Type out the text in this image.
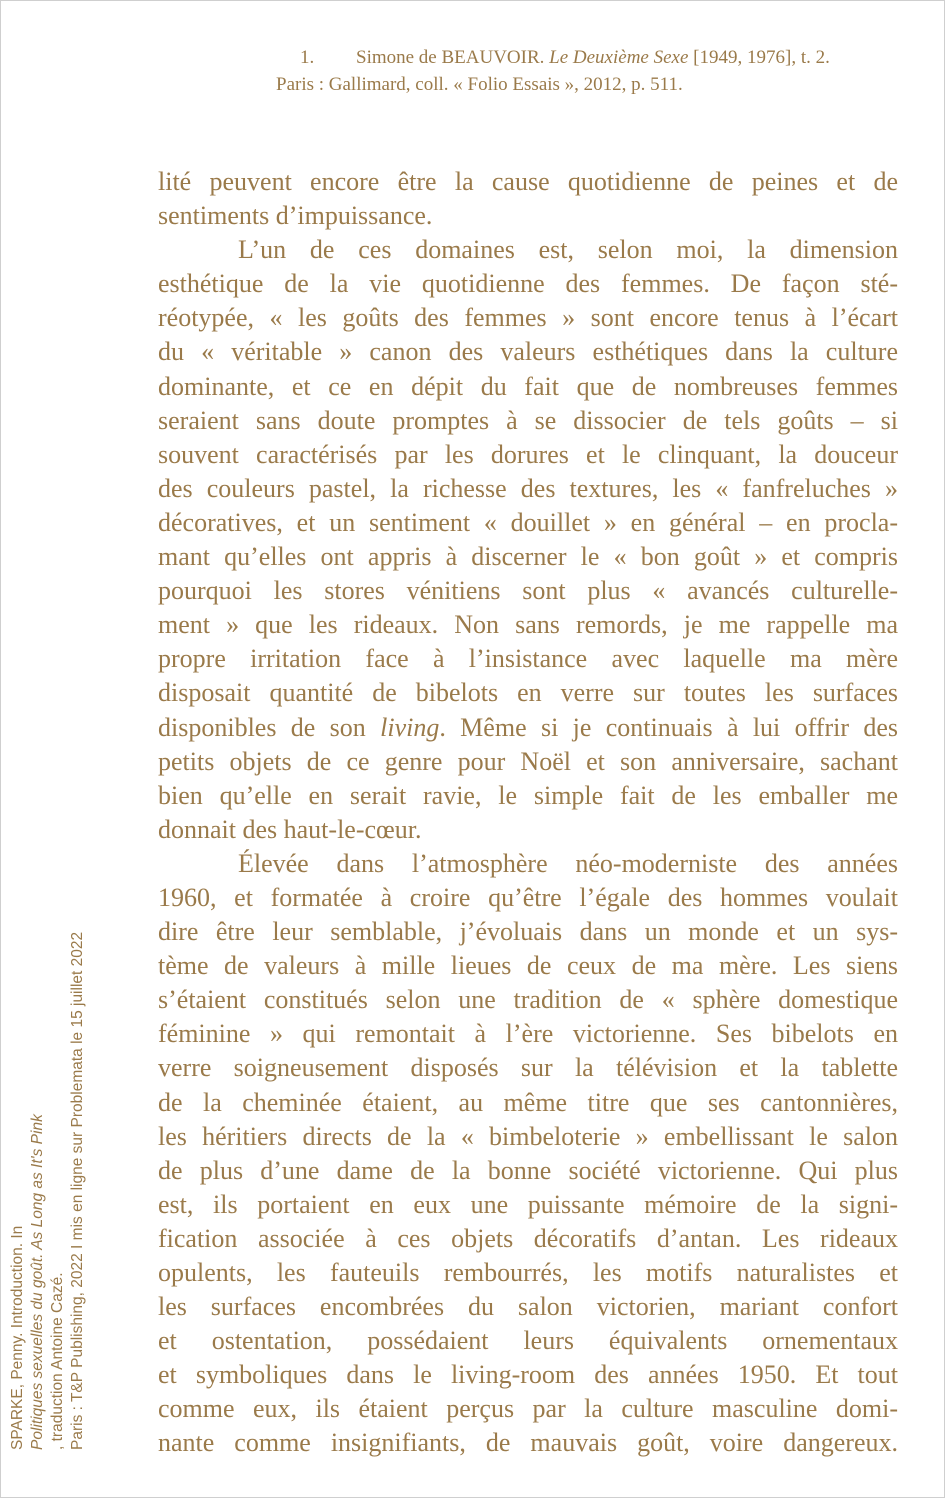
1. Simone de BEAUVOIR. Le Deuxième Sexe [1949, 1976], t. 2.
Paris : Gallimard, coll. « Folio Essais », 2012, p. 511.
lité peuvent encore être la cause quotidienne de peines et de
sentiments d’impuissance.
L’un de ces domaines est, selon moi, la dimension
esthétique de la vie quotidienne des femmes. De façon sté-
réotypée, « les goûts des femmes » sont encore tenus à l’écart
du « véritable » canon des valeurs esthétiques dans la culture
dominante, et ce en dépit du fait que de nombreuses femmes
seraient sans doute promptes à se dissocier de tels goûts – si
souvent caractérisés par les dorures et le clinquant, la douceur
des couleurs pastel, la richesse des textures, les « fanfreluches »
décoratives, et un sentiment « douillet » en général – en procla-
mant qu’elles ont appris à discerner le « bon goût » et compris
pourquoi les stores vénitiens sont plus « avancés culturelle-
ment » que les rideaux. Non sans remords, je me rappelle ma
propre irritation face à l’insistance avec laquelle ma mère
disposait quantité de bibelots en verre sur toutes les surfaces
disponibles de son living. Même si je continuais à lui offrir des
petits objets de ce genre pour Noël et son anniversaire, sachant
bien qu’elle en serait ravie, le simple fait de les emballer me
donnait des haut-le-cœur.
Élevée dans l’atmosphère néo-moderniste des années
1960, et formatée à croire qu’être l’égale des hommes voulait
dire être leur semblable, j’évoluais dans un monde et un sys-
tème de valeurs à mille lieues de ceux de ma mère. Les siens
s’étaient constitués selon une tradition de « sphère domestique
féminine » qui remontait à l’ère victorienne. Ses bibelots en
verre soigneusement disposés sur la télévision et la tablette
de la cheminée étaient, au même titre que ses cantonnières,
les héritiers directs de la « bimbeloterie » embellissant le salon
de plus d’une dame de la bonne société victorienne. Qui plus
est, ils portaient en eux une puissante mémoire de la signi-
fication associée à ces objets décoratifs d’antan. Les rideaux
opulents, les fauteuils rembourrés, les motifs naturalistes et
les surfaces encombrées du salon victorien, mariant confort
et ostentation, possédaient leurs équivalents ornementaux
et symboliques dans le living-room des années 1950. Et tout
comme eux, ils étaient perçus par la culture masculine domi-
nante comme insignifiants, de mauvais goût, voire dangereux.
SPARKE, Penny. Introduction. In Politiques sexuelles du goût. As Long as It's Pink , traduction Antoine Cazé. Paris : T&P Publishing, 2022 I mis en ligne sur Problemata le 15 juillet 2022
